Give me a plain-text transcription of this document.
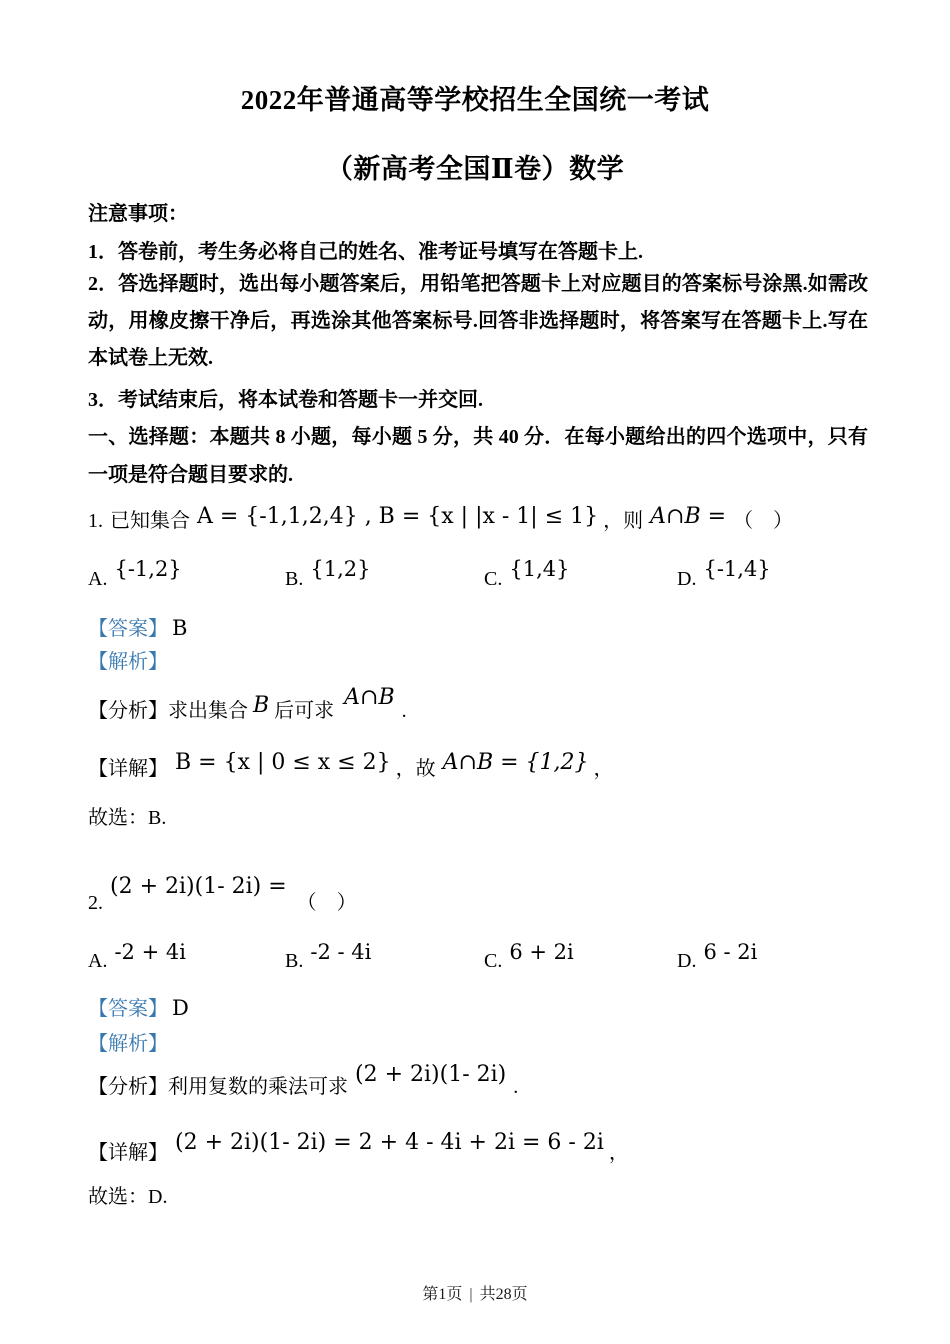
2022年普通高等学校招生全国统一考试
（新高考全国Ⅱ卷）数学
注意事项：
1．答卷前，考生务必将自己的姓名、准考证号填写在答题卡上.
2．答选择题时，选出每小题答案后，用铅笔把答题卡上对应题目的答案标号涂黑.如需改动，用橡皮擦干净后，再选涂其他答案标号.回答非选择题时，将答案写在答题卡上.写在本试卷上无效.
3．考试结束后，将本试卷和答题卡一并交回.
一、选择题：本题共 8 小题，每小题 5 分，共 40 分．在每小题给出的四个选项中，只有一项是符合题目要求的.
1. 已知集合 A = {-1,1,2,4} , B = {x | |x - 1| ≤ 1} ，则 A∩B = （　）
A. {-1,2}	B. {1,2}	C. {1,4}	D. {-1,4}
【答案】 B
【解析】
【分析】求出集合 B 后可求 A∩B .
【详解】 B = {x | 0 ≤ x ≤ 2} ，故 A∩B = {1,2} ，
故选：B.
2. (2 + 2i)(1- 2i) = （　）
A. -2 + 4i	B. -2 - 4i	C. 6 + 2i	D. 6 - 2i
【答案】 D
【解析】
【分析】利用复数的乘法可求 (2 + 2i)(1- 2i) .
【详解】 (2 + 2i)(1- 2i) = 2 + 4 - 4i + 2i = 6 - 2i ，
故选：D.
第1页 | 共28页
